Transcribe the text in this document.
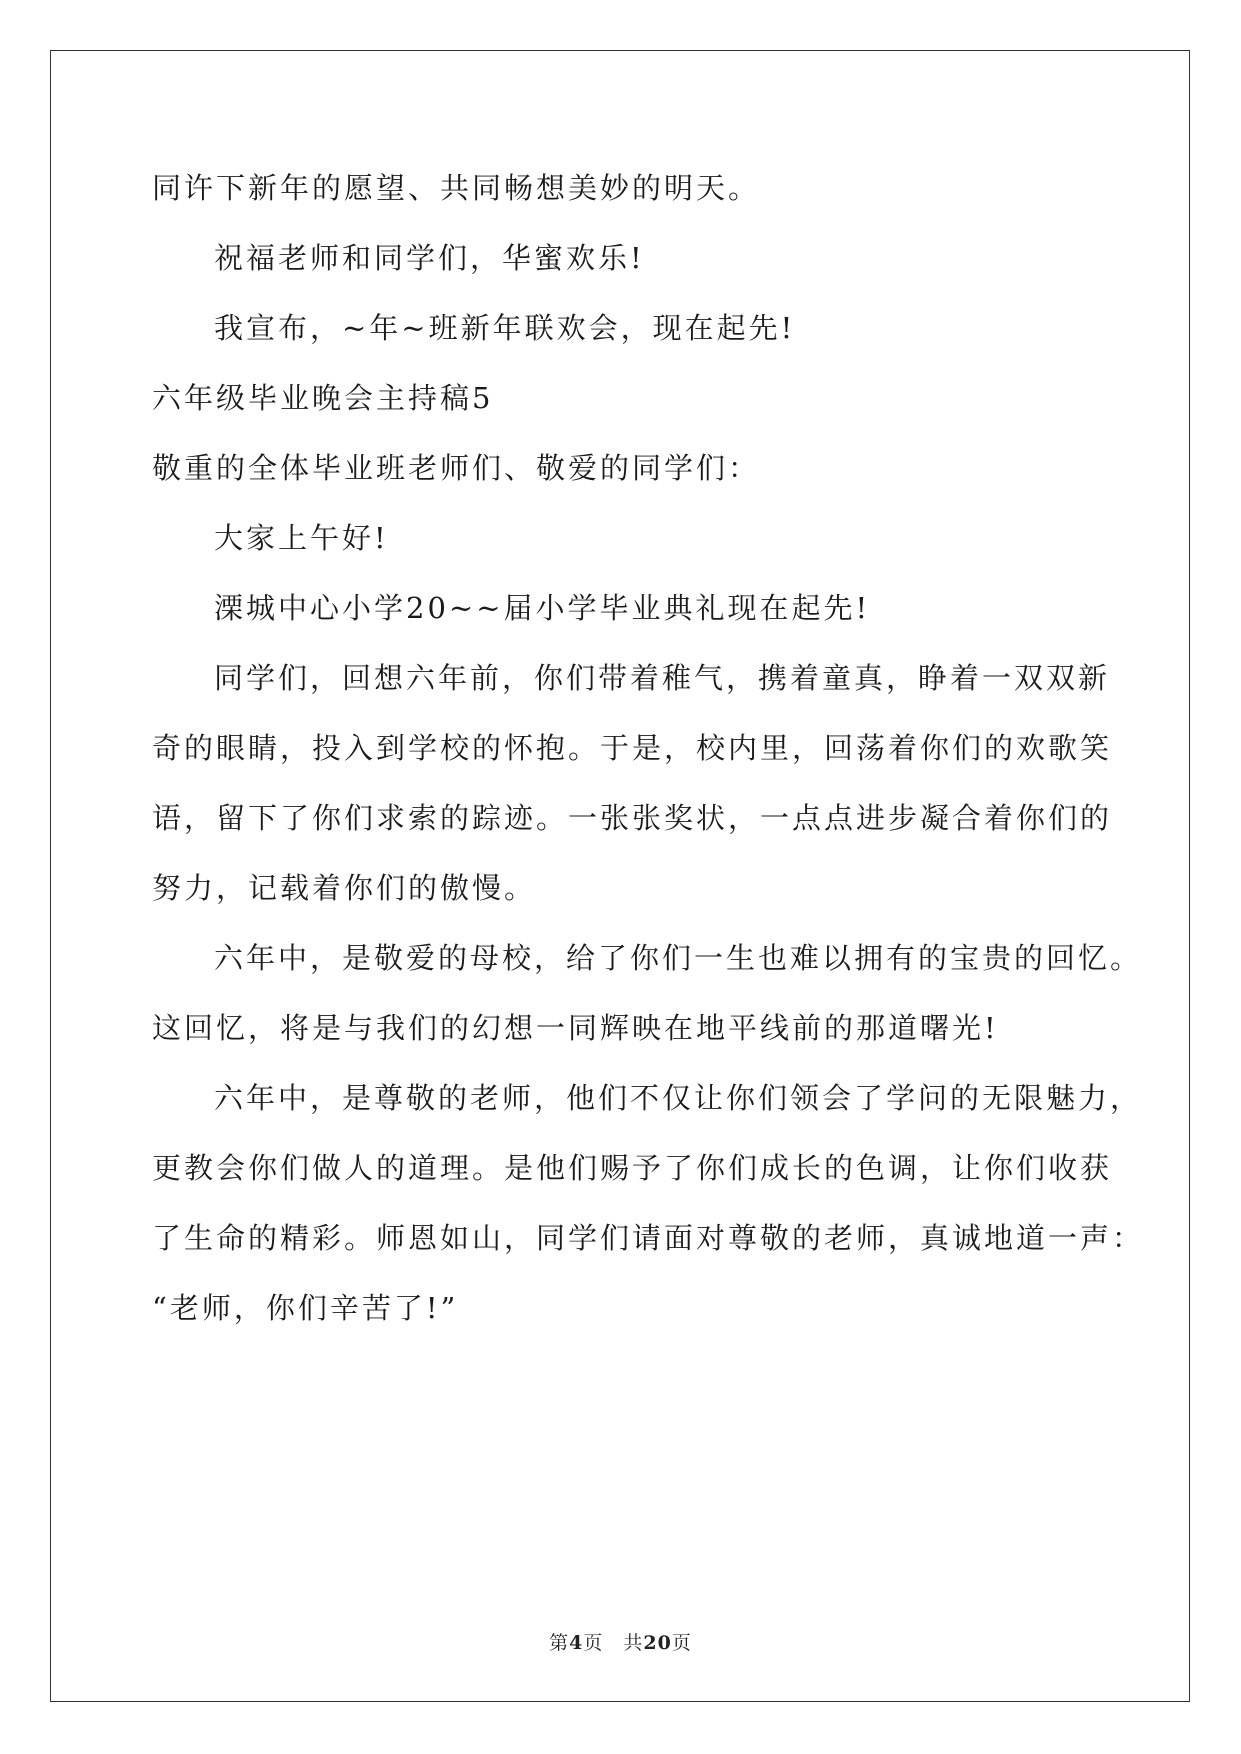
同许下新年的愿望、共同畅想美妙的明天。
祝福老师和同学们，华蜜欢乐!
我宣布，~年~班新年联欢会，现在起先!
六年级毕业晚会主持稿5
敬重的全体毕业班老师们、敬爱的同学们：
大家上午好!
溧城中心小学20~~届小学毕业典礼现在起先!
同学们，回想六年前，你们带着稚气，携着童真，睁着一双双新
奇的眼睛，投入到学校的怀抱。于是，校内里，回荡着你们的欢歌笑
语，留下了你们求索的踪迹。一张张奖状，一点点进步凝合着你们的
努力，记载着你们的傲慢。
六年中，是敬爱的母校，给了你们一生也难以拥有的宝贵的回忆。
这回忆，将是与我们的幻想一同辉映在地平线前的那道曙光!
六年中，是尊敬的老师，他们不仅让你们领会了学问的无限魅力，
更教会你们做人的道理。是他们赐予了你们成长的色调，让你们收获
了生命的精彩。师恩如山，同学们请面对尊敬的老师，真诚地道一声：
“老师，你们辛苦了!”
第4页　共20页
